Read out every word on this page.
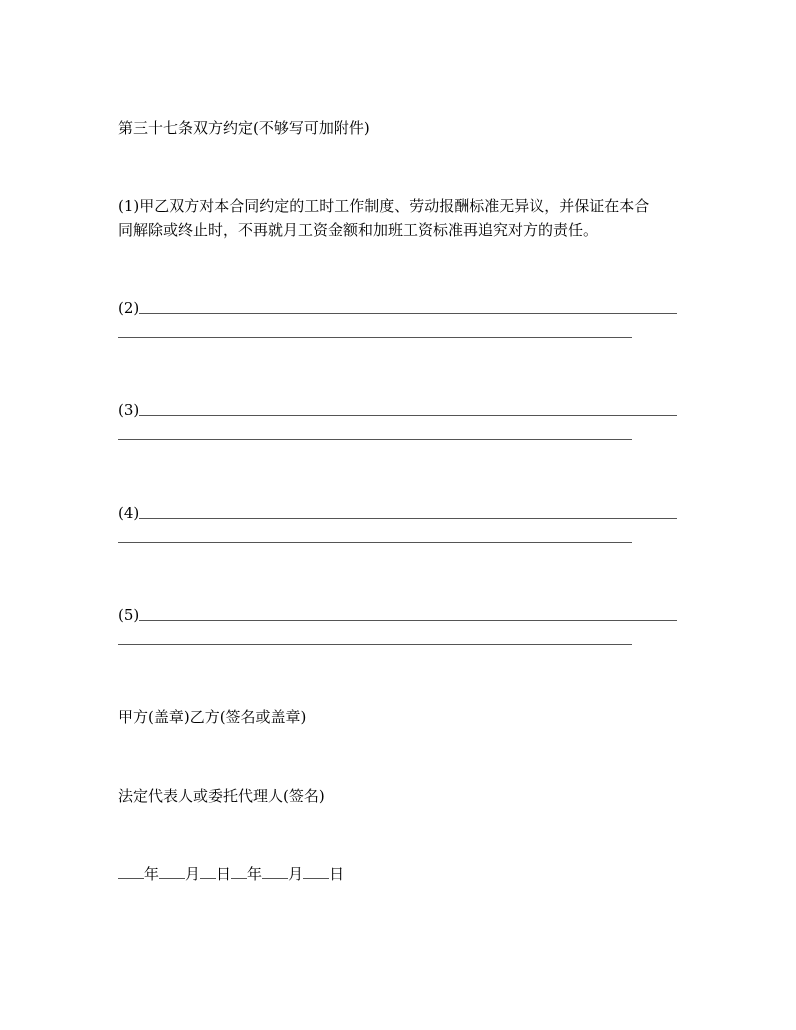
第三十七条双方约定(不够写可加附件)
(1)甲乙双方对本合同约定的工时工作制度、劳动报酬标准无异议，并保证在本合
同解除或终止时，不再就月工资金额和加班工资标准再追究对方的责任。
(2)
(3)
(4)
(5)
甲方(盖章)乙方(签名或盖章)
法定代表人或委托代理人(签名)
年 月 日 年 月 日
